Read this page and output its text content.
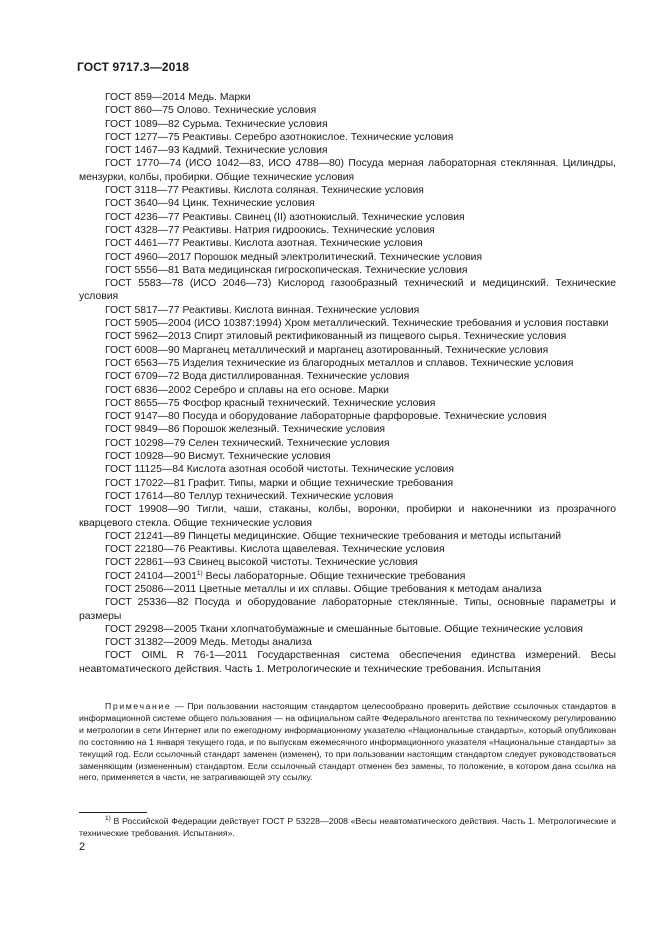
ГОСТ 9717.3—2018

ГОСТ 859—2014 Медь. Марки

ГОСТ 860—75 Олово. Технические условия

ГОСТ 1089—82 Сурьма. Технические условия

ГОСТ 1277—75 Реактивы. Серебро азотнокислое. Технические условия

ГОСТ 1467—93 Кадмий. Технические условия

ГОСТ 1770—74 (ИСО 1042—83, ИСО 4788—80) Посуда мерная лабораторная стеклянная. Цилиндры, мензурки, колбы, пробирки. Общие технические условия

ГОСТ 3118—77 Реактивы. Кислота соляная. Технические условия

ГОСТ 3640—94 Цинк. Технические условия

ГОСТ 4236—77 Реактивы. Свинец (II) азотнокислый. Технические условия

ГОСТ 4328—77 Реактивы. Натрия гидроокись. Технические условия

ГОСТ 4461—77 Реактивы. Кислота азотная. Технические условия

ГОСТ 4960—2017 Порошок медный электролитический. Технические условия

ГОСТ 5556—81 Вата медицинская гигроскопическая. Технические условия

ГОСТ 5583—78 (ИСО 2046—73) Кислород газообразный технический и медицинский. Технические условия

ГОСТ 5817—77 Реактивы. Кислота винная. Технические условия

ГОСТ 5905—2004 (ИСО 10387:1994) Хром металлический. Технические требования и условия поставки

ГОСТ 5962—2013 Спирт этиловый ректификованный из пищевого сырья. Технические условия

ГОСТ 6008—90 Марганец металлический и марганец азотированный. Технические условия

ГОСТ 6563—75 Изделия технические из благородных металлов и сплавов. Технические условия

ГОСТ 6709—72 Вода дистиллированная. Технические условия

ГОСТ 6836—2002 Серебро и сплавы на его основе. Марки

ГОСТ 8655—75 Фосфор красный технический. Технические условия

ГОСТ 9147—80 Посуда и оборудование лабораторные фарфоровые. Технические условия

ГОСТ 9849—86 Порошок железный. Технические условия

ГОСТ 10298—79 Селен технический. Технические условия

ГОСТ 10928—90 Висмут. Технические условия

ГОСТ 11125—84 Кислота азотная особой чистоты. Технические условия

ГОСТ 17022—81 Графит. Типы, марки и общие технические требования

ГОСТ 17614—80 Теллур технический. Технические условия

ГОСТ 19908—90 Тигли, чаши, стаканы, колбы, воронки, пробирки и наконечники из прозрачного кварцевого стекла. Общие технические условия

ГОСТ 21241—89 Пинцеты медицинские. Общие технические требования и методы испытаний

ГОСТ 22180—76 Реактивы. Кислота щавелевая. Технические условия

ГОСТ 22861—93 Свинец высокой чистоты. Технические условия

ГОСТ 24104—2001$^{1)}$ Весы лабораторные. Общие технические требования

ГОСТ 25086—2011 Цветные металлы и их сплавы. Общие требования к методам анализа

ГОСТ 25336—82 Посуда и оборудование лабораторные стеклянные. Типы, основные параметры и размеры

ГОСТ 29298—2005 Ткани хлопчатобумажные и смешанные бытовые. Общие технические условия

ГОСТ 31382—2009 Медь. Методы анализа

ГОСТ OIML R 76-1—2011 Государственная система обеспечения единства измерений. Весы неавтоматического действия. Часть 1. Метрологические и технические требования. Испытания

Примечание — При пользовании настоящим стандартом целесообразно проверить действие ссылочных стандартов в информационной системе общего пользования — на официальном сайте Федерального агентства по техническому регулированию и метрологии в сети Интернет или по ежегодному информационному указателю «Национальные стандарты», который опубликован по состоянию на 1 января текущего года, и по выпускам ежемесячного информационного указателя «Национальные стандарты» за текущий год. Если ссылочный стандарт заменен (изменен), то при пользовании настоящим стандартом следует руководствоваться заменяющим (измененным) стандартом. Если ссылочный стандарт отменен без замены, то положение, в котором дана ссылка на него, применяется в части, не затрагивающей эту ссылку.

$^{1)}$ В Российской Федерации действует ГОСТ Р 53228—2008 «Весы неавтоматического действия. Часть 1. Метрологические и технические требования. Испытания».

2
